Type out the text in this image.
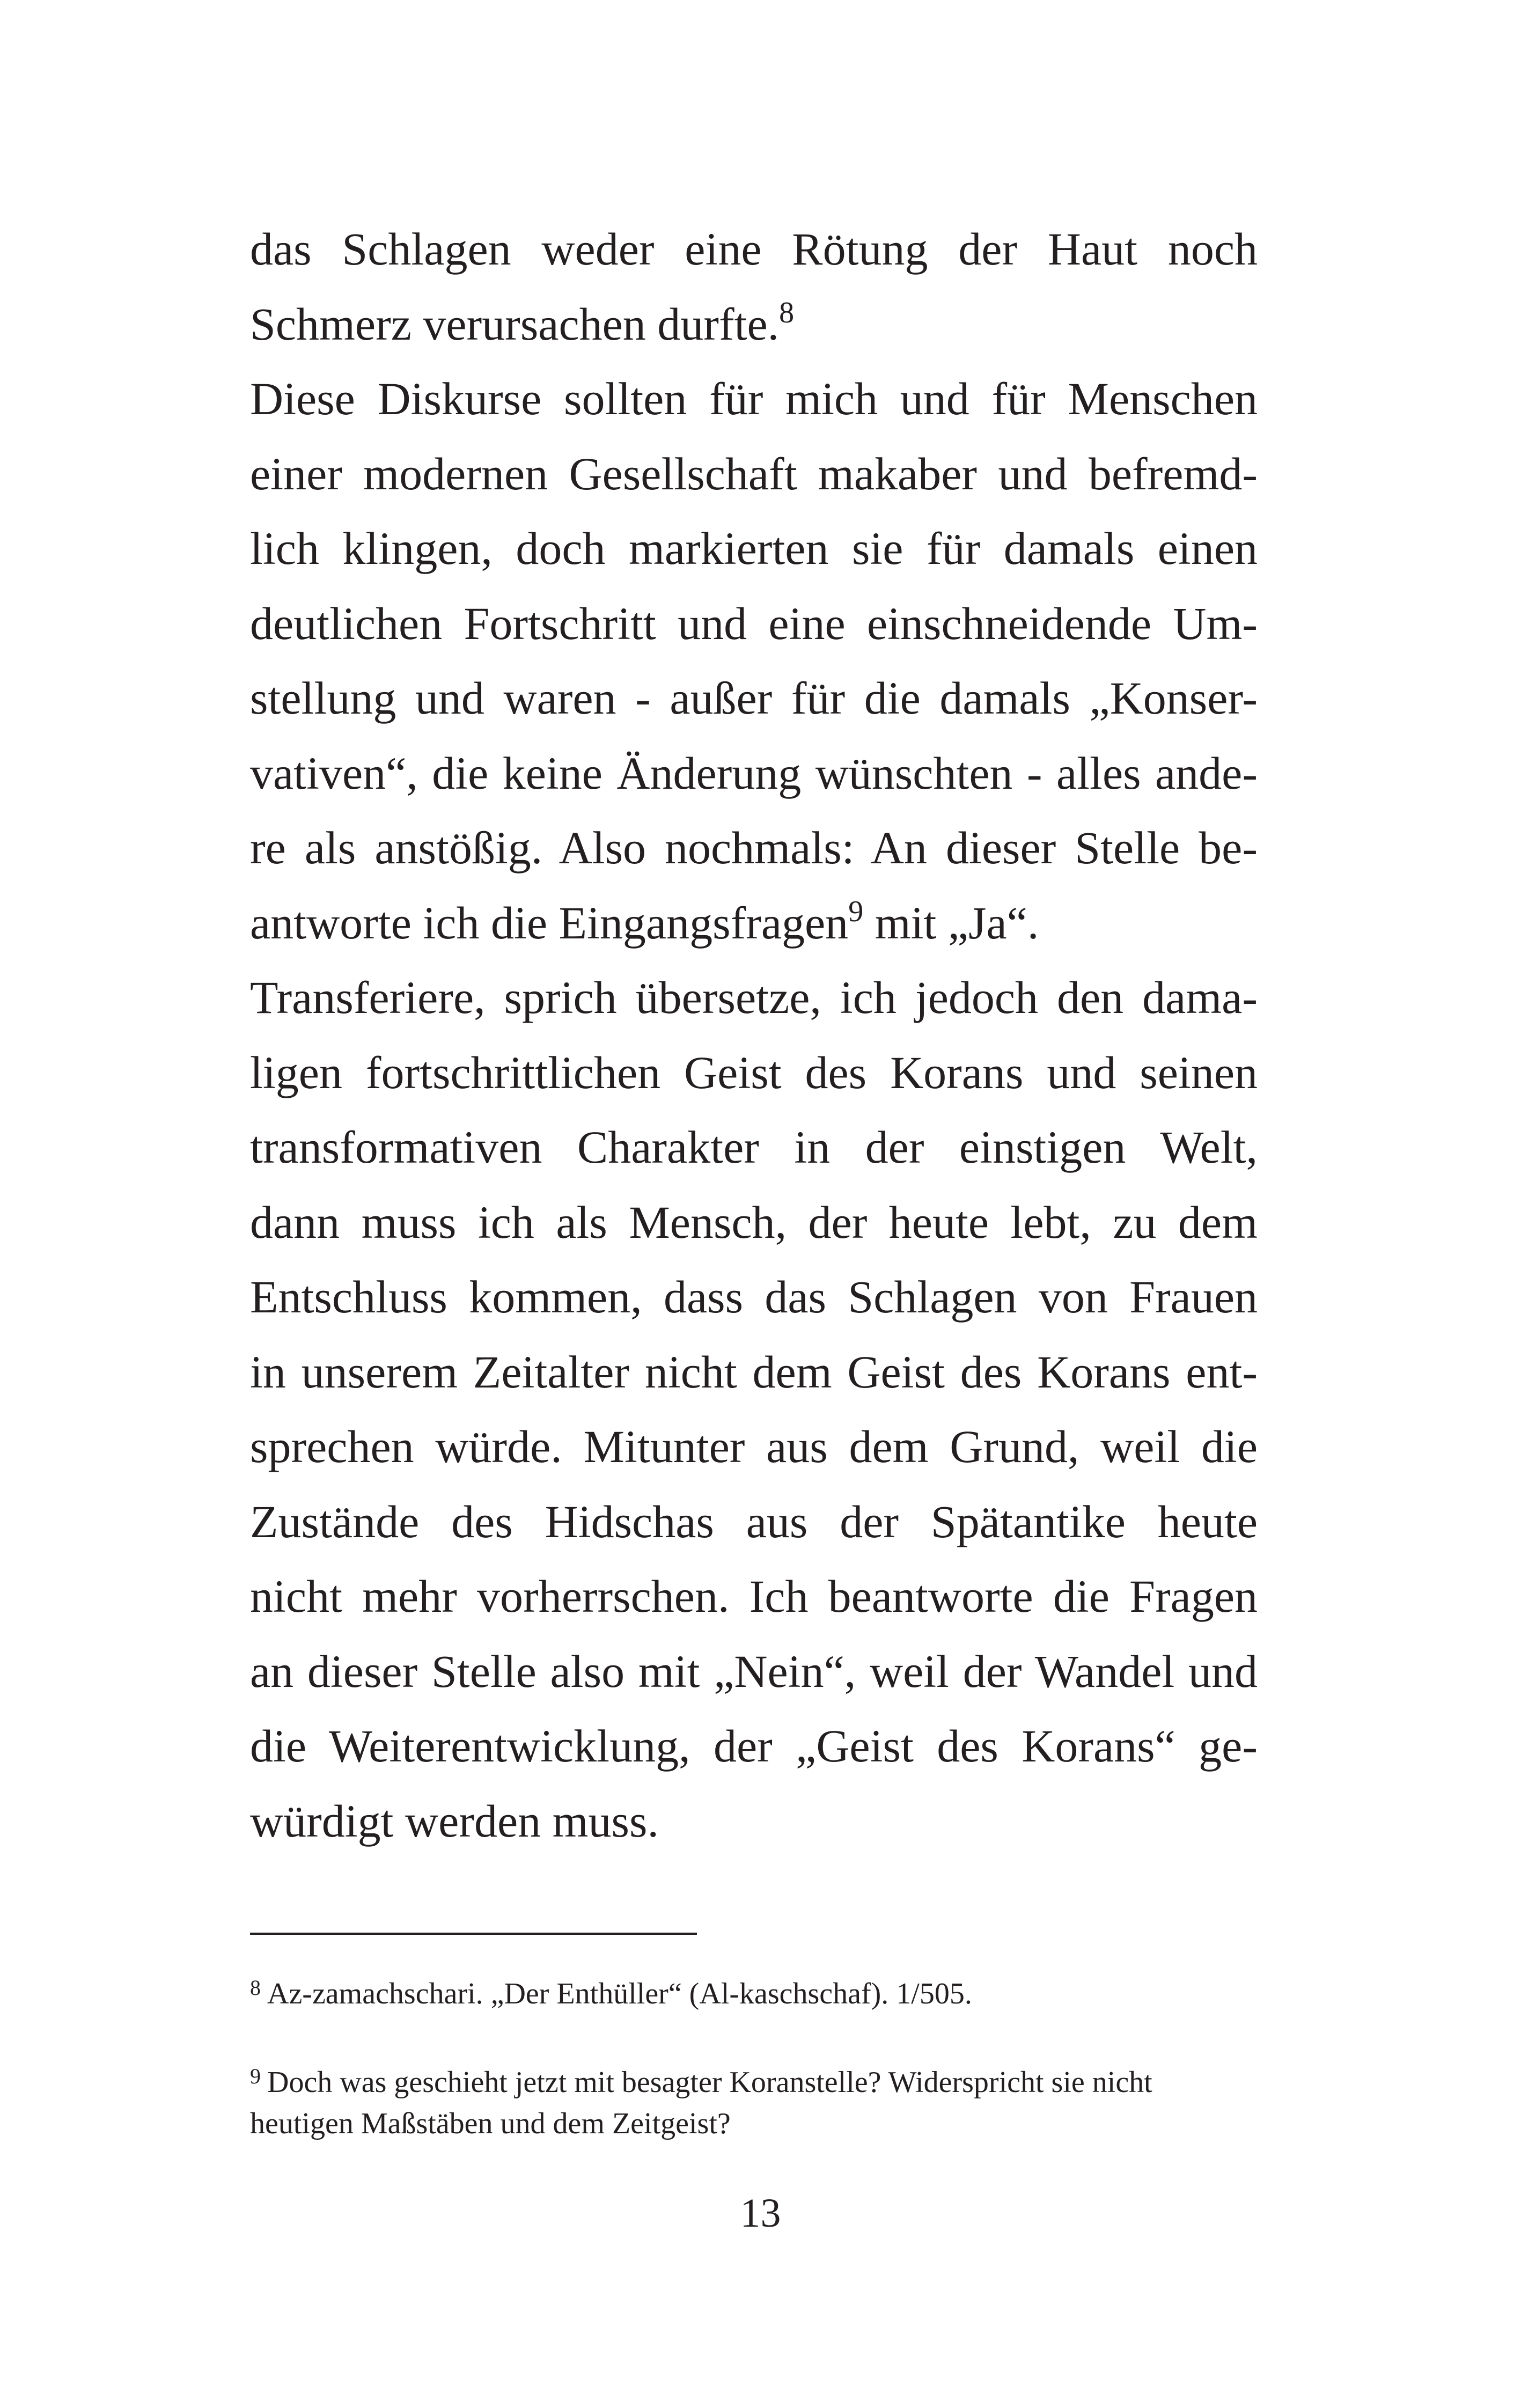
das Schlagen weder eine Rötung der Haut noch
Schmerz verursachen durfte.$^8$
Diese Diskurse sollten für mich und für Menschen
einer modernen Gesellschaft makaber und befremd-
lich klingen, doch markierten sie für damals einen
deutlichen Fortschritt und eine einschneidende Um-
stellung und waren - außer für die damals „Konser-
vativen“, die keine Änderung wünschten - alles ande-
re als anstößig. Also nochmals: An dieser Stelle be-
antworte ich die Eingangsfragen$^9$ mit „Ja“.
Transferiere, sprich übersetze, ich jedoch den dama-
ligen fortschrittlichen Geist des Korans und seinen
transformativen Charakter in der einstigen Welt,
dann muss ich als Mensch, der heute lebt, zu dem
Entschluss kommen, dass das Schlagen von Frauen
in unserem Zeitalter nicht dem Geist des Korans ent-
sprechen würde. Mitunter aus dem Grund, weil die
Zustände des Hidschas aus der Spätantike heute
nicht mehr vorherrschen. Ich beantworte die Fragen
an dieser Stelle also mit „Nein“, weil der Wandel und
die Weiterentwicklung, der „Geist des Korans“ ge-
würdigt werden muss.
$^8$ Az-zamachschari. „Der Enthüller“ (Al-kaschschaf). 1/505.
$^9$ Doch was geschieht jetzt mit besagter Koranstelle? Widerspricht sie nicht
heutigen Maßstäben und dem Zeitgeist?
13
